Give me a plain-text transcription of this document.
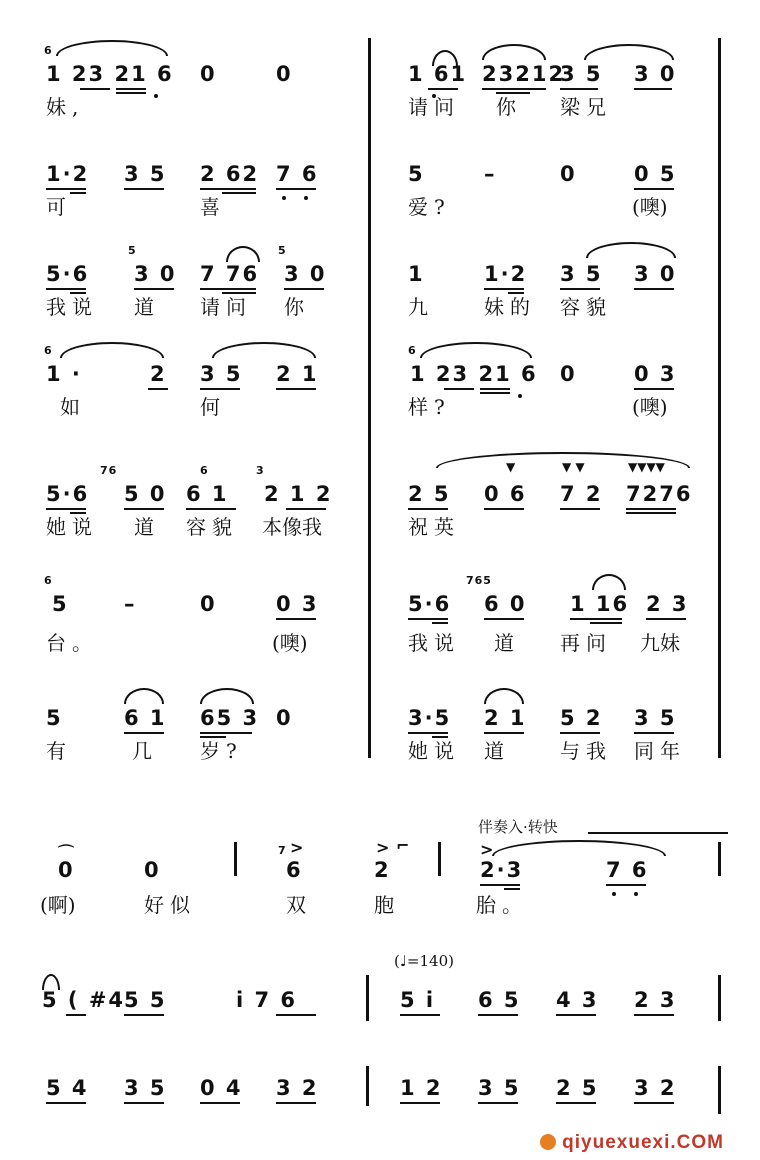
6
1 23 21 6 0	0
妹,
1 61 23212
3 5 3 0
请问 你 梁兄
1·2 3 5 2 62 7 6
可	喜
5	–	0	0 5
爱?	(噢)
5·6
5
3 0 7 76
5
3 0
我说 道 请问 你
1	1·2 3 5 3 0
九	妹的 容貌
6
1 ·	2 3 5 2 1
如	何
6
1 23 21 6 0	0 3
样?	(噢)
5·6
76
5 0
6
6 1
3
2 1 2
她说 道 容貌 本像我
2 5
▼
0 6
▼ ▼
7 2
▼▼▼▼
7276
祝英
6
5	–	0	0 3
台。	(噢)
5·6
765
6 0 1 16 2 3
我说 道 再问 九妹
5	6 1 65 3 0
有	几 岁?
3·5 2 1 5 2 3 5
她说 道	与我 同年
伴奏入·转快
⌒
0	0
(啊)	好似
7 >
6
> ⌐
2
双	胞
>
2·3	7 6
胎。
(♩=140)
5 ( #4
5 5	i 7 6	5 i 6 5 4 3 2 3
5 4 3 5 0 4 3 2	1 2 3 5 2 5 3 2
qiyuexuexi.COM
